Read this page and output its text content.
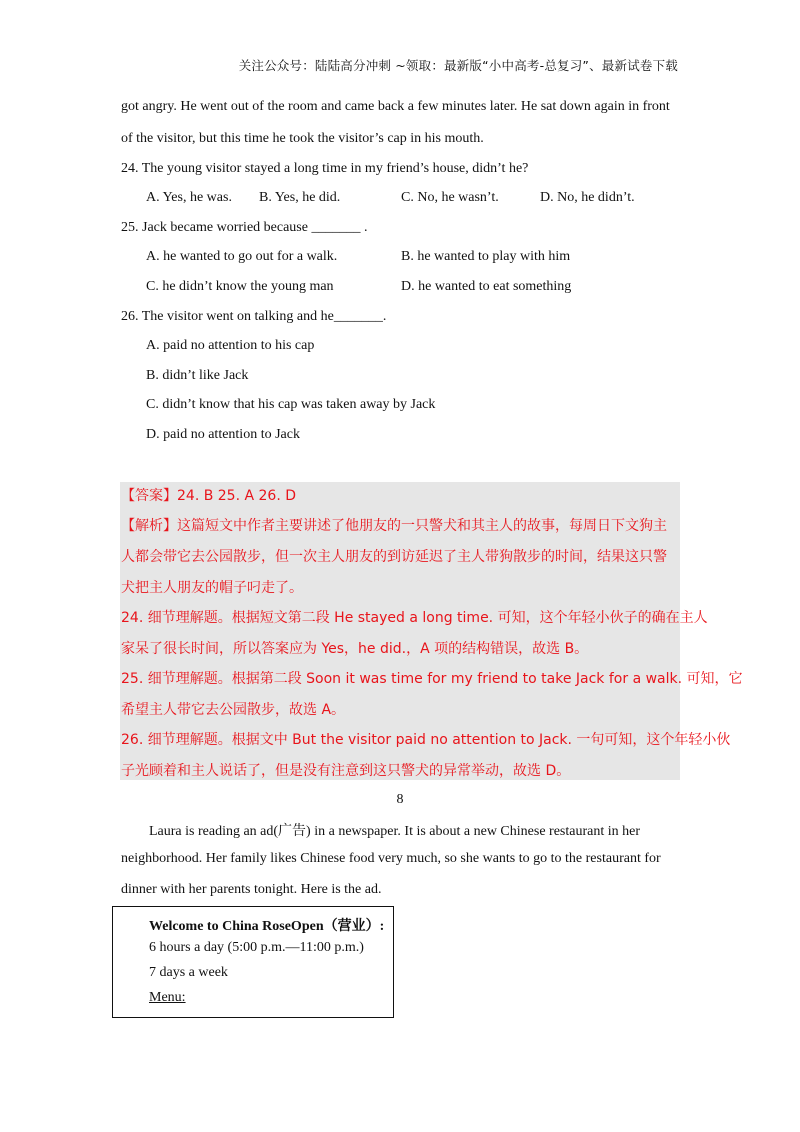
关注公众号：陆陆高分冲刺 ~领取：最新版“小中高考-总复习”、最新试卷下载
got angry. He went out of the room and came back a few minutes later. He sat down again in front
of the visitor, but this time he took the visitor’s cap in his mouth.
24. The young visitor stayed a long time in my friend’s house, didn’t he?
A. Yes, he was. B. Yes, he did.	C. No, he wasn’t.	D. No, he didn’t.
25. Jack became worried because _______ .
A. he wanted to go out for a walk.	B. he wanted to play with him
C. he didn’t know the young man	D. he wanted to eat something
26. The visitor went on talking and he_______.
A. paid no attention to his cap
B. didn’t like Jack
C. didn’t know that his cap was taken away by Jack
D. paid no attention to Jack
【答案】24. B 25. A 26. D
【解析】这篇短文中作者主要讲述了他朋友的一只警犬和其主人的故事，每周日下文狗主
人都会带它去公园散步，但一次主人朋友的到访延迟了主人带狗散步的时间，结果这只警
犬把主人朋友的帽子叼走了。
24. 细节理解题。根据短文第二段 He stayed a long time. 可知，这个年轻小伙子的确在主人
家呆了很长时间，所以答案应为 Yes，he did.，A 项的结构错误，故选 B。
25. 细节理解题。根据第二段 Soon it was time for my friend to take Jack for a walk. 可知，它
希望主人带它去公园散步，故选 A。
26. 细节理解题。根据文中 But the visitor paid no attention to Jack. 一句可知，这个年轻小伙
子光顾着和主人说话了，但是没有注意到这只警犬的异常举动，故选 D。
8
Laura is reading an ad(广告) in a newspaper. It is about a new Chinese restaurant in her
neighborhood. Her family likes Chinese food very much, so she wants to go to the restaurant for
dinner with her parents tonight. Here is the ad.
Welcome to China RoseOpen（营业）:
6 hours a day (5:00 p.m.—11:00 p.m.)
7 days a week
Menu:
